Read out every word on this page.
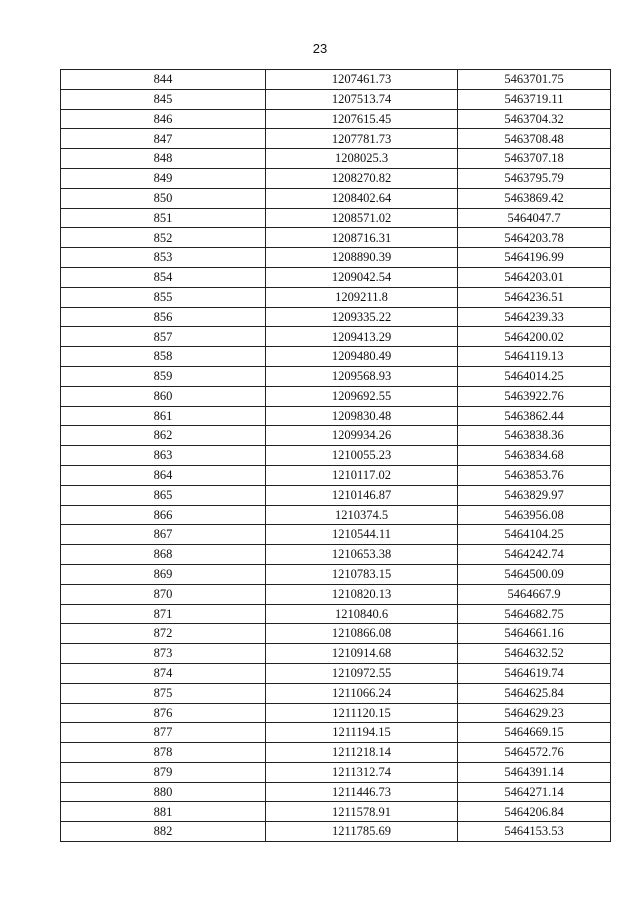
23
844	1207461.73	5463701.75
845	1207513.74	5463719.11
846	1207615.45	5463704.32
847	1207781.73	5463708.48
848	1208025.3	5463707.18
849	1208270.82	5463795.79
850	1208402.64	5463869.42
851	1208571.02	5464047.7
852	1208716.31	5464203.78
853	1208890.39	5464196.99
854	1209042.54	5464203.01
855	1209211.8	5464236.51
856	1209335.22	5464239.33
857	1209413.29	5464200.02
858	1209480.49	5464119.13
859	1209568.93	5464014.25
860	1209692.55	5463922.76
861	1209830.48	5463862.44
862	1209934.26	5463838.36
863	1210055.23	5463834.68
864	1210117.02	5463853.76
865	1210146.87	5463829.97
866	1210374.5	5463956.08
867	1210544.11	5464104.25
868	1210653.38	5464242.74
869	1210783.15	5464500.09
870	1210820.13	5464667.9
871	1210840.6	5464682.75
872	1210866.08	5464661.16
873	1210914.68	5464632.52
874	1210972.55	5464619.74
875	1211066.24	5464625.84
876	1211120.15	5464629.23
877	1211194.15	5464669.15
878	1211218.14	5464572.76
879	1211312.74	5464391.14
880	1211446.73	5464271.14
881	1211578.91	5464206.84
882	1211785.69	5464153.53
